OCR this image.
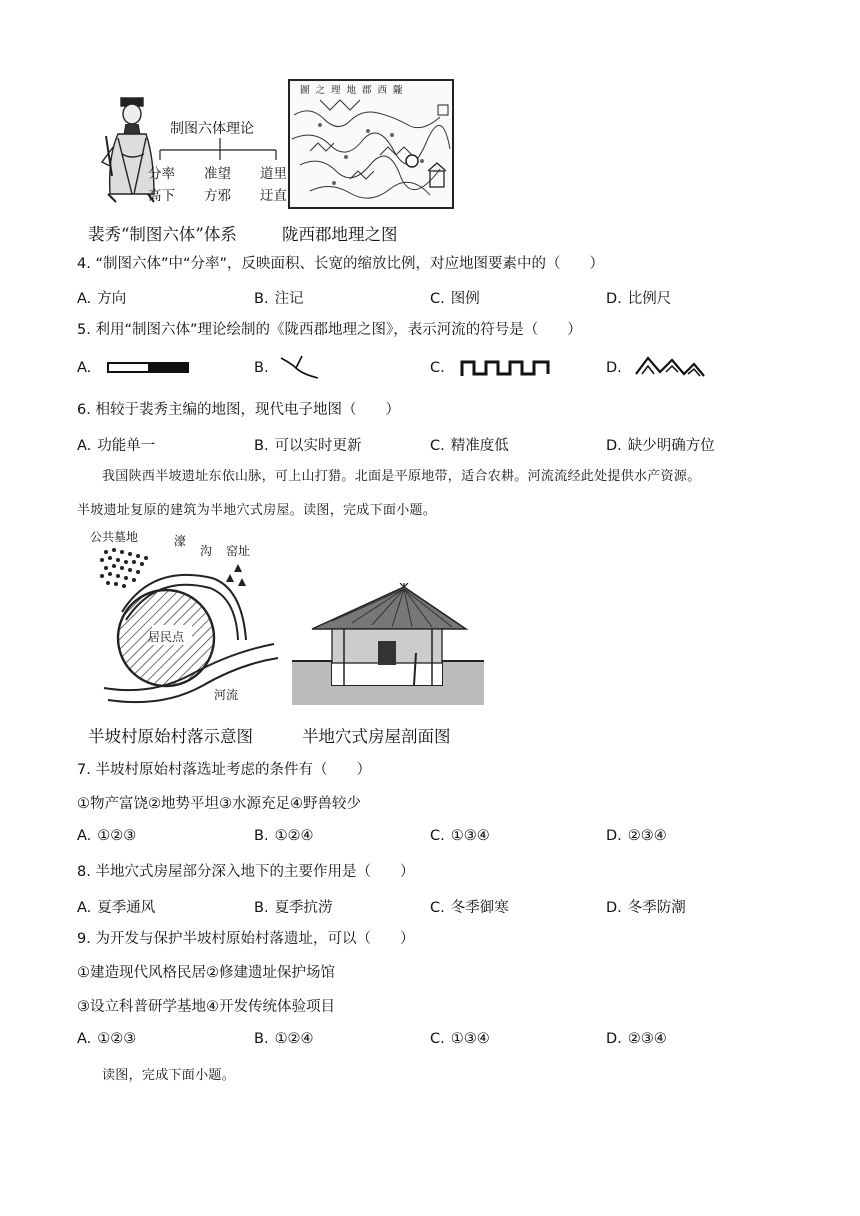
制图六体理论
分率
高下
准望
方邪
道里
迂直
圖之理地郡西隴
裴秀“制图六体”体系	陇西郡地理之图
4. “制图六体”中“分率”，反映面积、长宽的缩放比例，对应地图要素中的（　　）
A. 方向	B. 注记	C. 图例	D. 比例尺
5. 利用“制图六体”理论绘制的《陇西郡地理之图》，表示河流的符号是（　　）
A.	B.	C.	D.
6. 相较于裴秀主编的地图，现代电子地图（　　）
A. 功能单一	B. 可以实时更新	C. 精准度低	D. 缺少明确方位
我国陕西半坡遗址东依山脉，可上山打猎。北面是平原地带，适合农耕。河流流经此处提供水产资源。
半坡遗址复原的建筑为半地穴式房屋。读图，完成下面小题。
公共墓地	濠
沟 窑址
居民点
河流
半坡村原始村落示意图	半地穴式房屋剖面图
7. 半坡村原始村落选址考虑的条件有（　　）
①物产富饶②地势平坦③水源充足④野兽较少
A. ①②③	B. ①②④	C. ①③④	D. ②③④
8. 半地穴式房屋部分深入地下的主要作用是（　　）
A. 夏季通风	B. 夏季抗涝	C. 冬季御寒	D. 冬季防潮
9. 为开发与保护半坡村原始村落遗址，可以（　　）
①建造现代风格民居②修建遗址保护场馆
③设立科普研学基地④开发传统体验项目
A. ①②③	B. ①②④	C. ①③④	D. ②③④
读图，完成下面小题。
